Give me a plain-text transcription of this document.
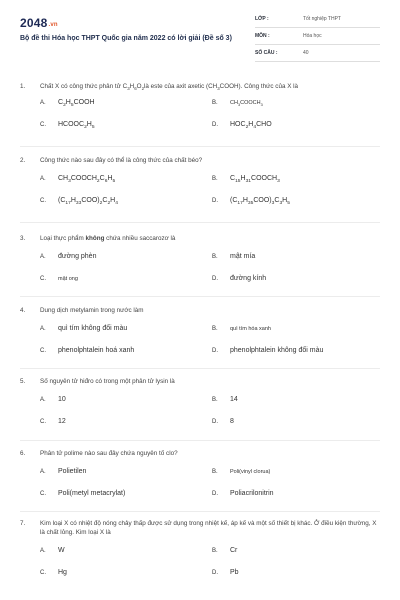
2048.vn
Bộ đề thi Hóa học THPT Quốc gia năm 2022 có lời giải (Đề số 3)
LỚP :	Tốt nghiệp THPT
MÔN :	Hóa học
SỐ CÂU :	40
1. Chất X có công thức phân tử $C_3H_6O_2là$ este của axit axetic $(CH_3COOH)$. Công thức của X là
A. $C_2H_5COOH$	B. $CH_3COOCH_3$
C. $HCOOC_2H_5$	D. $HOC_2H_4CHO$
2. Công thức nào sau đây có thể là công thức của chất béo?
A. $CH_3COOCH_2C_6H_5$	B. $C_{15}H_{31}COOCH_3$
C. $(C_{17}H_{33}COO)_2C_2H_4$	D. $(C_{17}H_{35}COO)_3C_3H_5$
3. Loại thực phẩm không chứa nhiều saccarozơ là
A. đường phèn	B. mật mía
C. mật ong	D. đường kính
4. Dung dịch metylamin trong nước làm
A. quì tím không đổi màu	B. quì tím hóa xanh
C. phenolphtalein hoá xanh	D. phenolphtalein không đổi màu
5. Số nguyên tử hiđro có trong một phân tử lysin là
A. 10	B. 14
C. 12	D. 8
6. Phân tử polime nào sau đây chứa nguyên tố clo?
A. Polietilen	B. Poli(vinyl clorua)
C. Poli(metyl metacrylat)	D. Poliacrilonitrin
7. Kim loại X có nhiệt độ nóng chảy thấp được sử dụng trong nhiệt kế, áp kế và một số thiết bị khác. Ở điều kiện thường, X là chất lỏng. Kim loại X là
A. W	B. Cr
C. Hg	D. Pb
